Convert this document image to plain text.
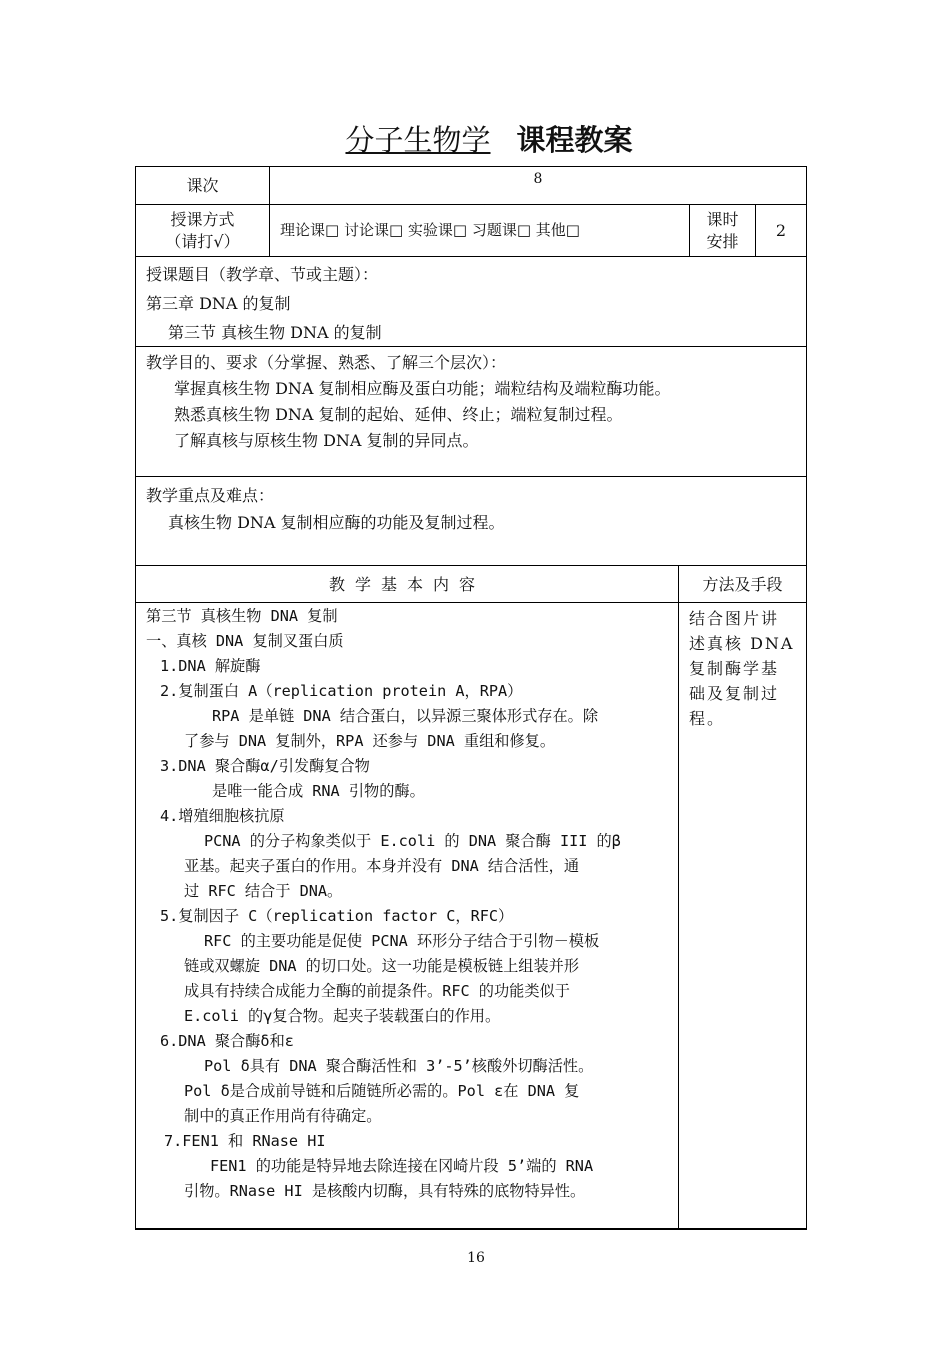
分子生物学 课程教案
课次	8
授课方式
（请打√）
理论课□ 讨论课□ 实验课□ 习题课□ 其他□
课时
安排
2
授课题目（教学章、节或主题）：
第三章 DNA 的复制
第三节 真核生物 DNA 的复制
教学目的、要求（分掌握、熟悉、了解三个层次）：
掌握真核生物 DNA 复制相应酶及蛋白功能；端粒结构及端粒酶功能。
熟悉真核生物 DNA 复制的起始、延伸、终止；端粒复制过程。
了解真核与原核生物 DNA 复制的异同点。
教学重点及难点：
真核生物 DNA 复制相应酶的功能及复制过程。
教学基本内容	方法及手段
第三节 真核生物 DNA 复制
一、真核 DNA 复制叉蛋白质
1.DNA 解旋酶
2.复制蛋白 A（replication protein A，RPA）
RPA 是单链 DNA 结合蛋白，以异源三聚体形式存在。除
了参与 DNA 复制外，RPA 还参与 DNA 重组和修复。
3.DNA 聚合酶α/引发酶复合物
是唯一能合成 RNA 引物的酶。
4.增殖细胞核抗原
PCNA 的分子构象类似于 E.coli 的 DNA 聚合酶 III 的β
亚基。起夹子蛋白的作用。本身并没有 DNA 结合活性，通
过 RFC 结合于 DNA。
5.复制因子 C（replication factor C，RFC）
RFC 的主要功能是促使 PCNA 环形分子结合于引物－模板
链或双螺旋 DNA 的切口处。这一功能是模板链上组装并形
成具有持续合成能力全酶的前提条件。RFC 的功能类似于
E.coli 的γ复合物。起夹子装载蛋白的作用。
6.DNA 聚合酶δ和ε
Pol δ具有 DNA 聚合酶活性和 3’-5’核酸外切酶活性。
Pol δ是合成前导链和后随链所必需的。Pol ε在 DNA 复
制中的真正作用尚有待确定。
7.FEN1 和 RNase HI
FEN1 的功能是特异地去除连接在冈崎片段 5’端的 RNA
引物。RNase HI 是核酸内切酶，具有特殊的底物特异性。
结合图片讲
述真核 DNA
复制酶学基
础及复制过
程。
16
